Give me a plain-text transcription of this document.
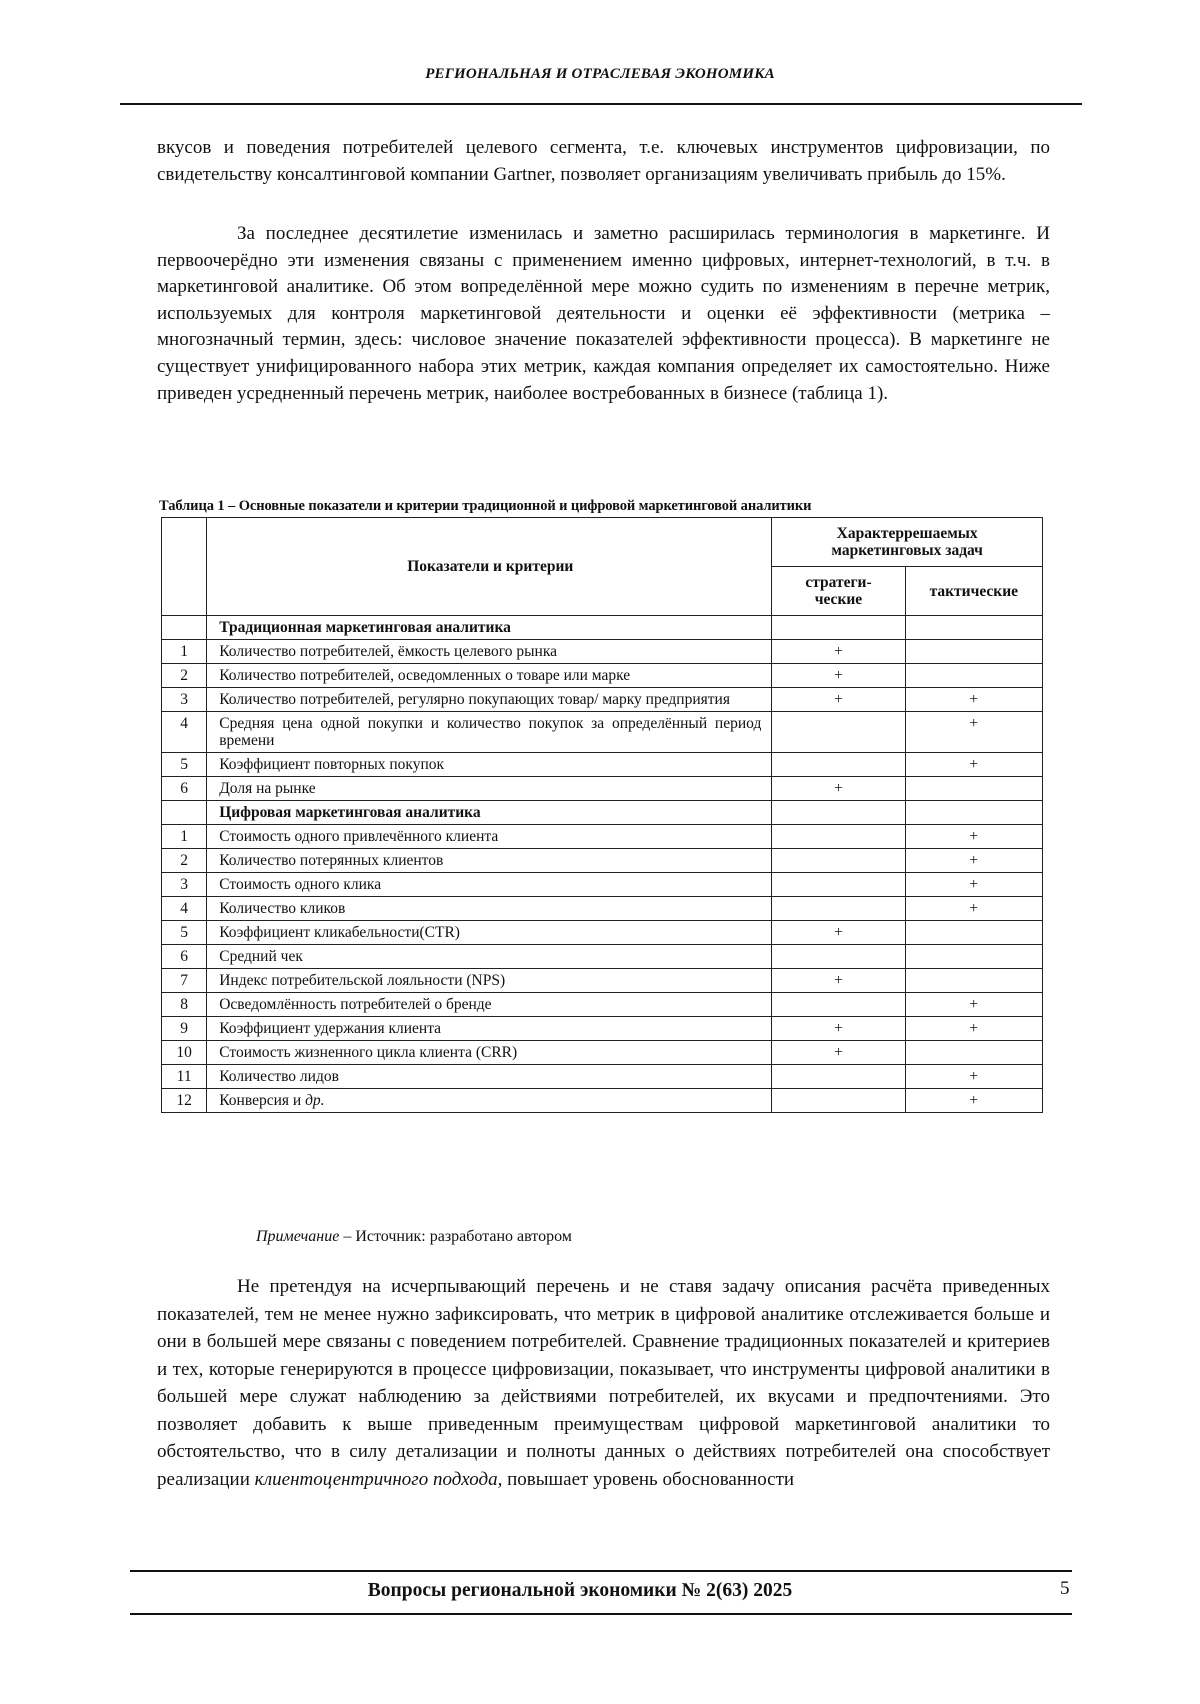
РЕГИОНАЛЬНАЯ И ОТРАСЛЕВАЯ ЭКОНОМИКА

вкусов и поведения потребителей целевого сегмента, т.е. ключевых инструментов цифровизации, по свидетельству консалтинговой компании Gartner, позволяет организациям увеличивать прибыль до 15%.

За последнее десятилетие изменилась и заметно расширилась терминология в маркетинге. И первоочерёдно эти изменения связаны с применением именно цифровых, интернет-технологий, в т.ч. в маркетинговой аналитике. Об этом вопределённой мере можно судить по изменениям в перечне метрик, используемых для контроля маркетинговой деятельности и оценки её эффективности (метрика – многозначный термин, здесь: числовое значение показателей эффективности процесса). В маркетинге не существует унифицированного набора этих метрик, каждая компания определяет их самостоятельно. Ниже приведен усредненный перечень метрик, наиболее востребованных в бизнесе (таблица 1).

Таблица 1 – Основные показатели и критерии традиционной и цифровой маркетинговой аналитики
	Показатели и критерии	Характеррешаемых маркетинговых задач	
		стратеги-ческие	тактические
	Традиционная маркетинговая аналитика		
1	Количество потребителей, ёмкость целевого рынка	+	
2	Количество потребителей, осведомленных о товаре или марке	+	
3	Количество потребителей, регулярно покупающих товар/ марку предприятия	+	+
4	Средняя цена одной покупки и количество покупок за определённый период времени		+
5	Коэффициент повторных покупок		+
6	Доля на рынке	+	
	Цифровая маркетинговая аналитика		
1	Стоимость одного привлечённого клиента		+
2	Количество потерянных клиентов		+
3	Стоимость одного клика		+
4	Количество кликов		+
5	Коэффициент кликабельности(CTR)	+	
6	Средний чек		
7	Индекс потребительской лояльности (NPS)	+	
8	Осведомлённость потребителей о бренде		+
9	Коэффициент удержания клиента	+	+
10	Стоимость жизненного цикла клиента (CRR)	+	
11	Количество лидов		+
12	Конверсия и др.		+
Примечание – Источник: разработано автором

Не претендуя на исчерпывающий перечень и не ставя задачу описания расчёта приведенных показателей, тем не менее нужно зафиксировать, что метрик в цифровой аналитике отслеживается больше и они в большей мере связаны с поведением потребителей. Сравнение традиционных показателей и критериев и тех, которые генерируются в процессе цифровизации, показывает, что инструменты цифровой аналитики в большей мере служат наблюдению за действиями потребителей, их вкусами и предпочтениями. Это позволяет добавить к выше приведенным преимуществам цифровой маркетинговой аналитики то обстоятельство, что в силу детализации и полноты данных о действиях потребителей она способствует реализации клиентоцентричного подхода, повышает уровень обоснованности

Вопросы региональной экономики № 2(63) 2025	5
